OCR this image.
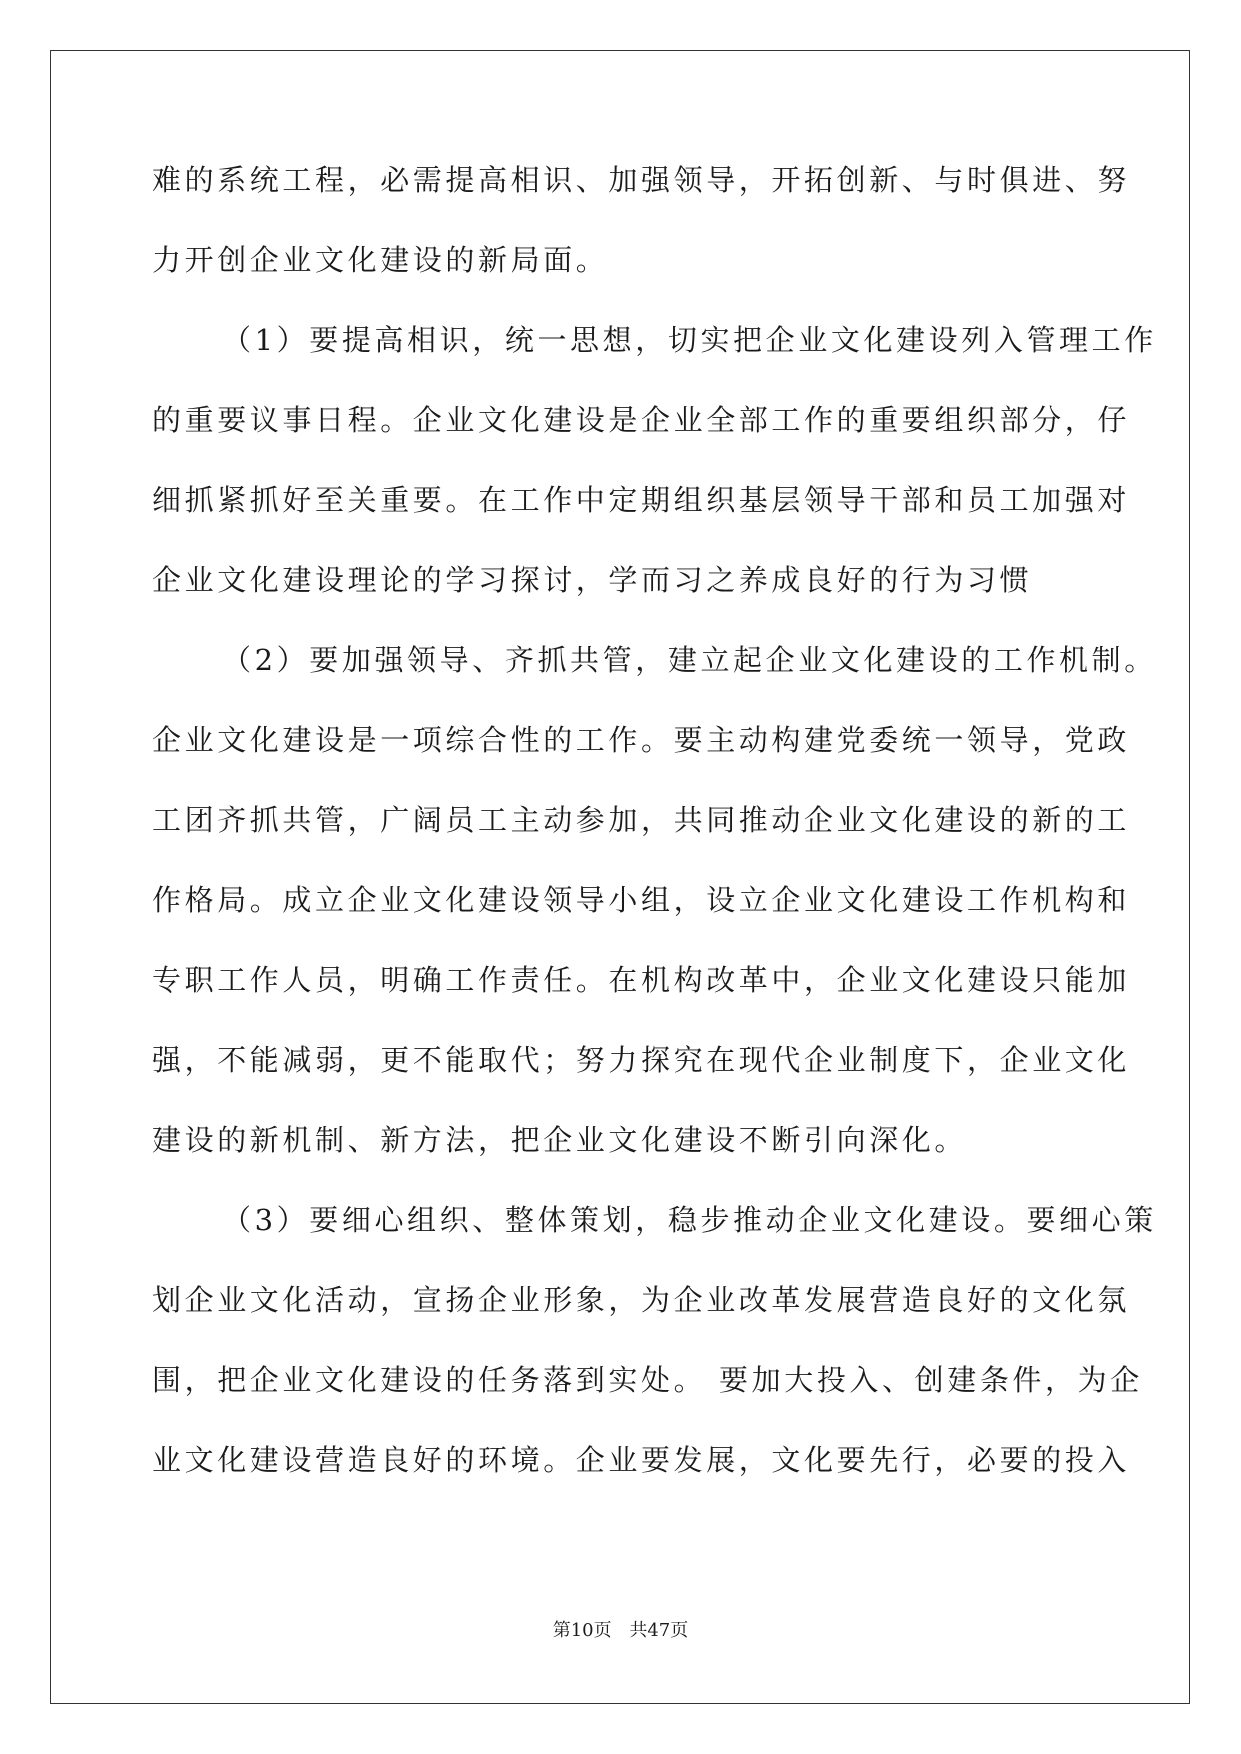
难的系统工程，必需提高相识、加强领导，开拓创新、与时俱进、努
力开创企业文化建设的新局面。
（1）要提高相识，统一思想，切实把企业文化建设列入管理工作
的重要议事日程。企业文化建设是企业全部工作的重要组织部分，仔
细抓紧抓好至关重要。在工作中定期组织基层领导干部和员工加强对
企业文化建设理论的学习探讨，学而习之养成良好的行为习惯
（2）要加强领导、齐抓共管，建立起企业文化建设的工作机制。
企业文化建设是一项综合性的工作。要主动构建党委统一领导，党政
工团齐抓共管，广阔员工主动参加，共同推动企业文化建设的新的工
作格局。成立企业文化建设领导小组，设立企业文化建设工作机构和
专职工作人员，明确工作责任。在机构改革中，企业文化建设只能加
强，不能减弱，更不能取代；努力探究在现代企业制度下，企业文化
建设的新机制、新方法，把企业文化建设不断引向深化。
（3）要细心组织、整体策划，稳步推动企业文化建设。要细心策
划企业文化活动，宣扬企业形象，为企业改革发展营造良好的文化氛
围，把企业文化建设的任务落到实处。 要加大投入、创建条件，为企
业文化建设营造良好的环境。企业要发展，文化要先行，必要的投入
第10页 共47页
